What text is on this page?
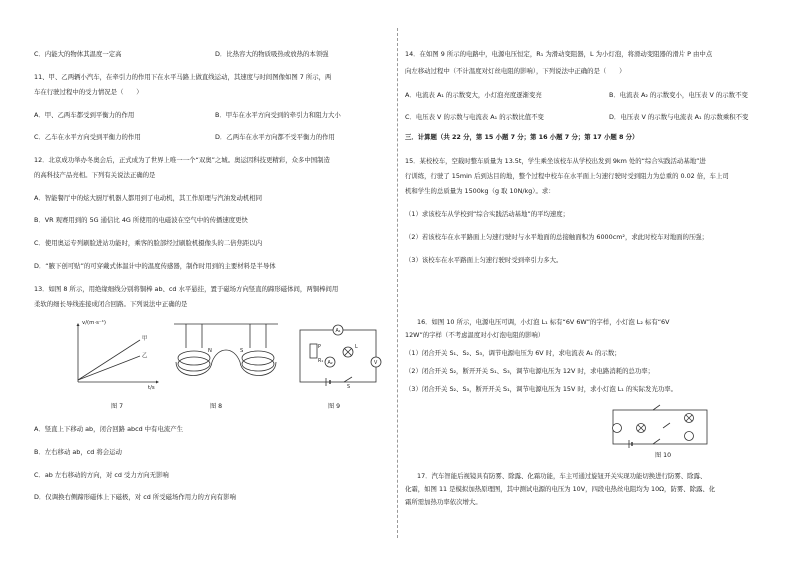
C．内能大的物体其温度一定高	D．比热容大的物质吸热或放热的本领强
11、甲、乙两辆小汽车，在牵引力的作用下在水平马路上做直线运动，其速度与时间图像如图 7 所示，两
车在行驶过程中的受力情况是（　　）
A．甲、乙两车都受到平衡力的作用	B．甲车在水平方向受到的牵引力和阻力大小
C．乙车在水平方向受到平衡力的作用	D．乙两车在水平方向都不受平衡力的作用
12．北京成功举办冬奥会后，正式成为了世界上唯一一个“双奥”之城。奥运因科技更精彩，众多中国制造
的高科技产品亮相。下列有关说法正确的是
A．智能餐厅中的炫大厨厅机器人都用到了电动机，其工作原理与汽油发动机相同
B．VR 观赛用到的 5G 通信比 4G 所使用的电磁波在空气中的传播速度更快
C．使用奥运专列刷脸进站功能时，乘客的脸部经过刷脸机摄像头的二倍焦距以内
D．“腋下创可贴”的可穿戴式体温计中的温度传感器，制作时用到的主要材料是半导体
13．如图 8 所示，用绝缘细线分别将铜棒 ab、cd 水平悬挂，置于磁场方向竖直的蹄形磁体间，两铜棒间用
柔软的细长导线连接成闭合回路。下列说法中正确的是
v/(m·s⁻¹)
t/s
甲
乙
图 7
N	S
图 8
A₁
P
R₁
L
A₂	V
S
图 9
A．竖直上下移动 ab，闭合回路 abcd 中有电流产生
B．左右移动 ab，cd 将会运动
C．ab 左右移动的方向，对 cd 受力方向无影响
D．仅调换右侧蹄形磁体上下磁极，对 cd 所受磁场作用力的方向有影响
14．在如图 9 所示的电路中，电源电压恒定，R₁ 为滑动变阻器，L 为小灯泡，将滑动变阻器的滑片 P 由中点
向左移动过程中（不计温度对灯丝电阻的影响），下列说法中正确的是（　　）
A．电流表 A₁ 的示数变大，小灯泡亮度逐渐变亮	B．电流表 A₂ 的示数变小，电压表 V 的示数不变
C．电压表 V 的示数与电流表 A₁ 的示数比值不变	D．电压表 V 的示数与电流表 A₁ 的示数乘积不变
三．计算题（共 22 分，第 15 小题 7 分；第 16 小题 7 分；第 17 小题 8 分）
15．某校校车，空载时整车质量为 13.5t，学生乘坐该校车从学校出发到 9km 处的“综合实践活动基地”进
行训练，行驶了 15min 后到达目的地，整个过程中校车在水平面上匀速行驶时受到阻力为总重的 0.02 倍，车上司
机和学生的总质量为 1500kg（g 取 10N/kg）。求：
（1）求该校车从学校到“综合实践活动基地”的平均速度；
（2）若该校车在水平路面上匀速行驶时与水平地面的总接触面积为 6000cm²，求此时校车对地面的压强；
（3）该校车在水平路面上匀速行驶时受到牵引力多大。
16．如图 10 所示，电源电压可调，小灯泡 L₁ 标有“6V 6W”的字样，小灯泡 L₂ 标有“6V
12W”的字样（不考虑温度对小灯泡电阻的影响）
（1）闭合开关 S₁、S₂、S₃，调节电源电压为 6V 时，求电流表 A₁ 的示数；
（2）闭合开关 S₂，断开开关 S₁、S₃，调节电源电压为 12V 时，求电路消耗的总功率；
（3）闭合开关 S₂、S₃，断开开关 S₁，调节电源电压为 15V 时，求小灯泡 L₁ 的实际发光功率。
图 10
17．汽车智能后视镜具有防雾、除露、化霜功能，车主可通过旋钮开关实现功能切换进行防雾、除露、
化霜，如图 11 是模拟加热原理图，其中测试电源的电压为 10V，四段电热丝电阻均为 10Ω，防雾、除露、化
霜所需加热功率依次增大。
